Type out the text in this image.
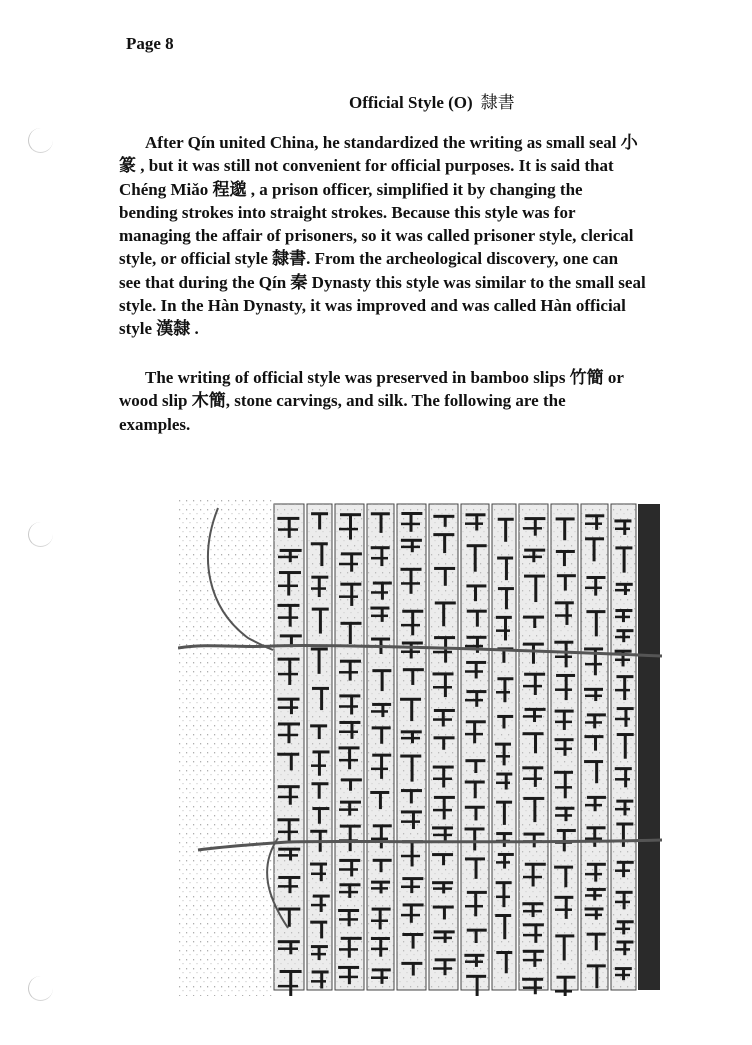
Page 8
Official Style (O) 隸書
After Qín united China, he standardized the writing as small seal 小
篆 , but it was still not convenient for official purposes. It is said that
Chéng Miǎo 程邈 , a prison officer, simplified it by changing the
bending strokes into straight strokes. Because this style was for
managing the affair of prisoners, so it was called prisoner style, clerical
style, or official style 隸書. From the archeological discovery, one can
see that during the Qín 秦 Dynasty this style was similar to the small seal
style. In the Hàn Dynasty, it was improved and was called Hàn official
style 漢隸 .
The writing of official style was preserved in bamboo slips 竹簡 or
wood slip 木簡, stone carvings, and silk. The following are the
examples.
